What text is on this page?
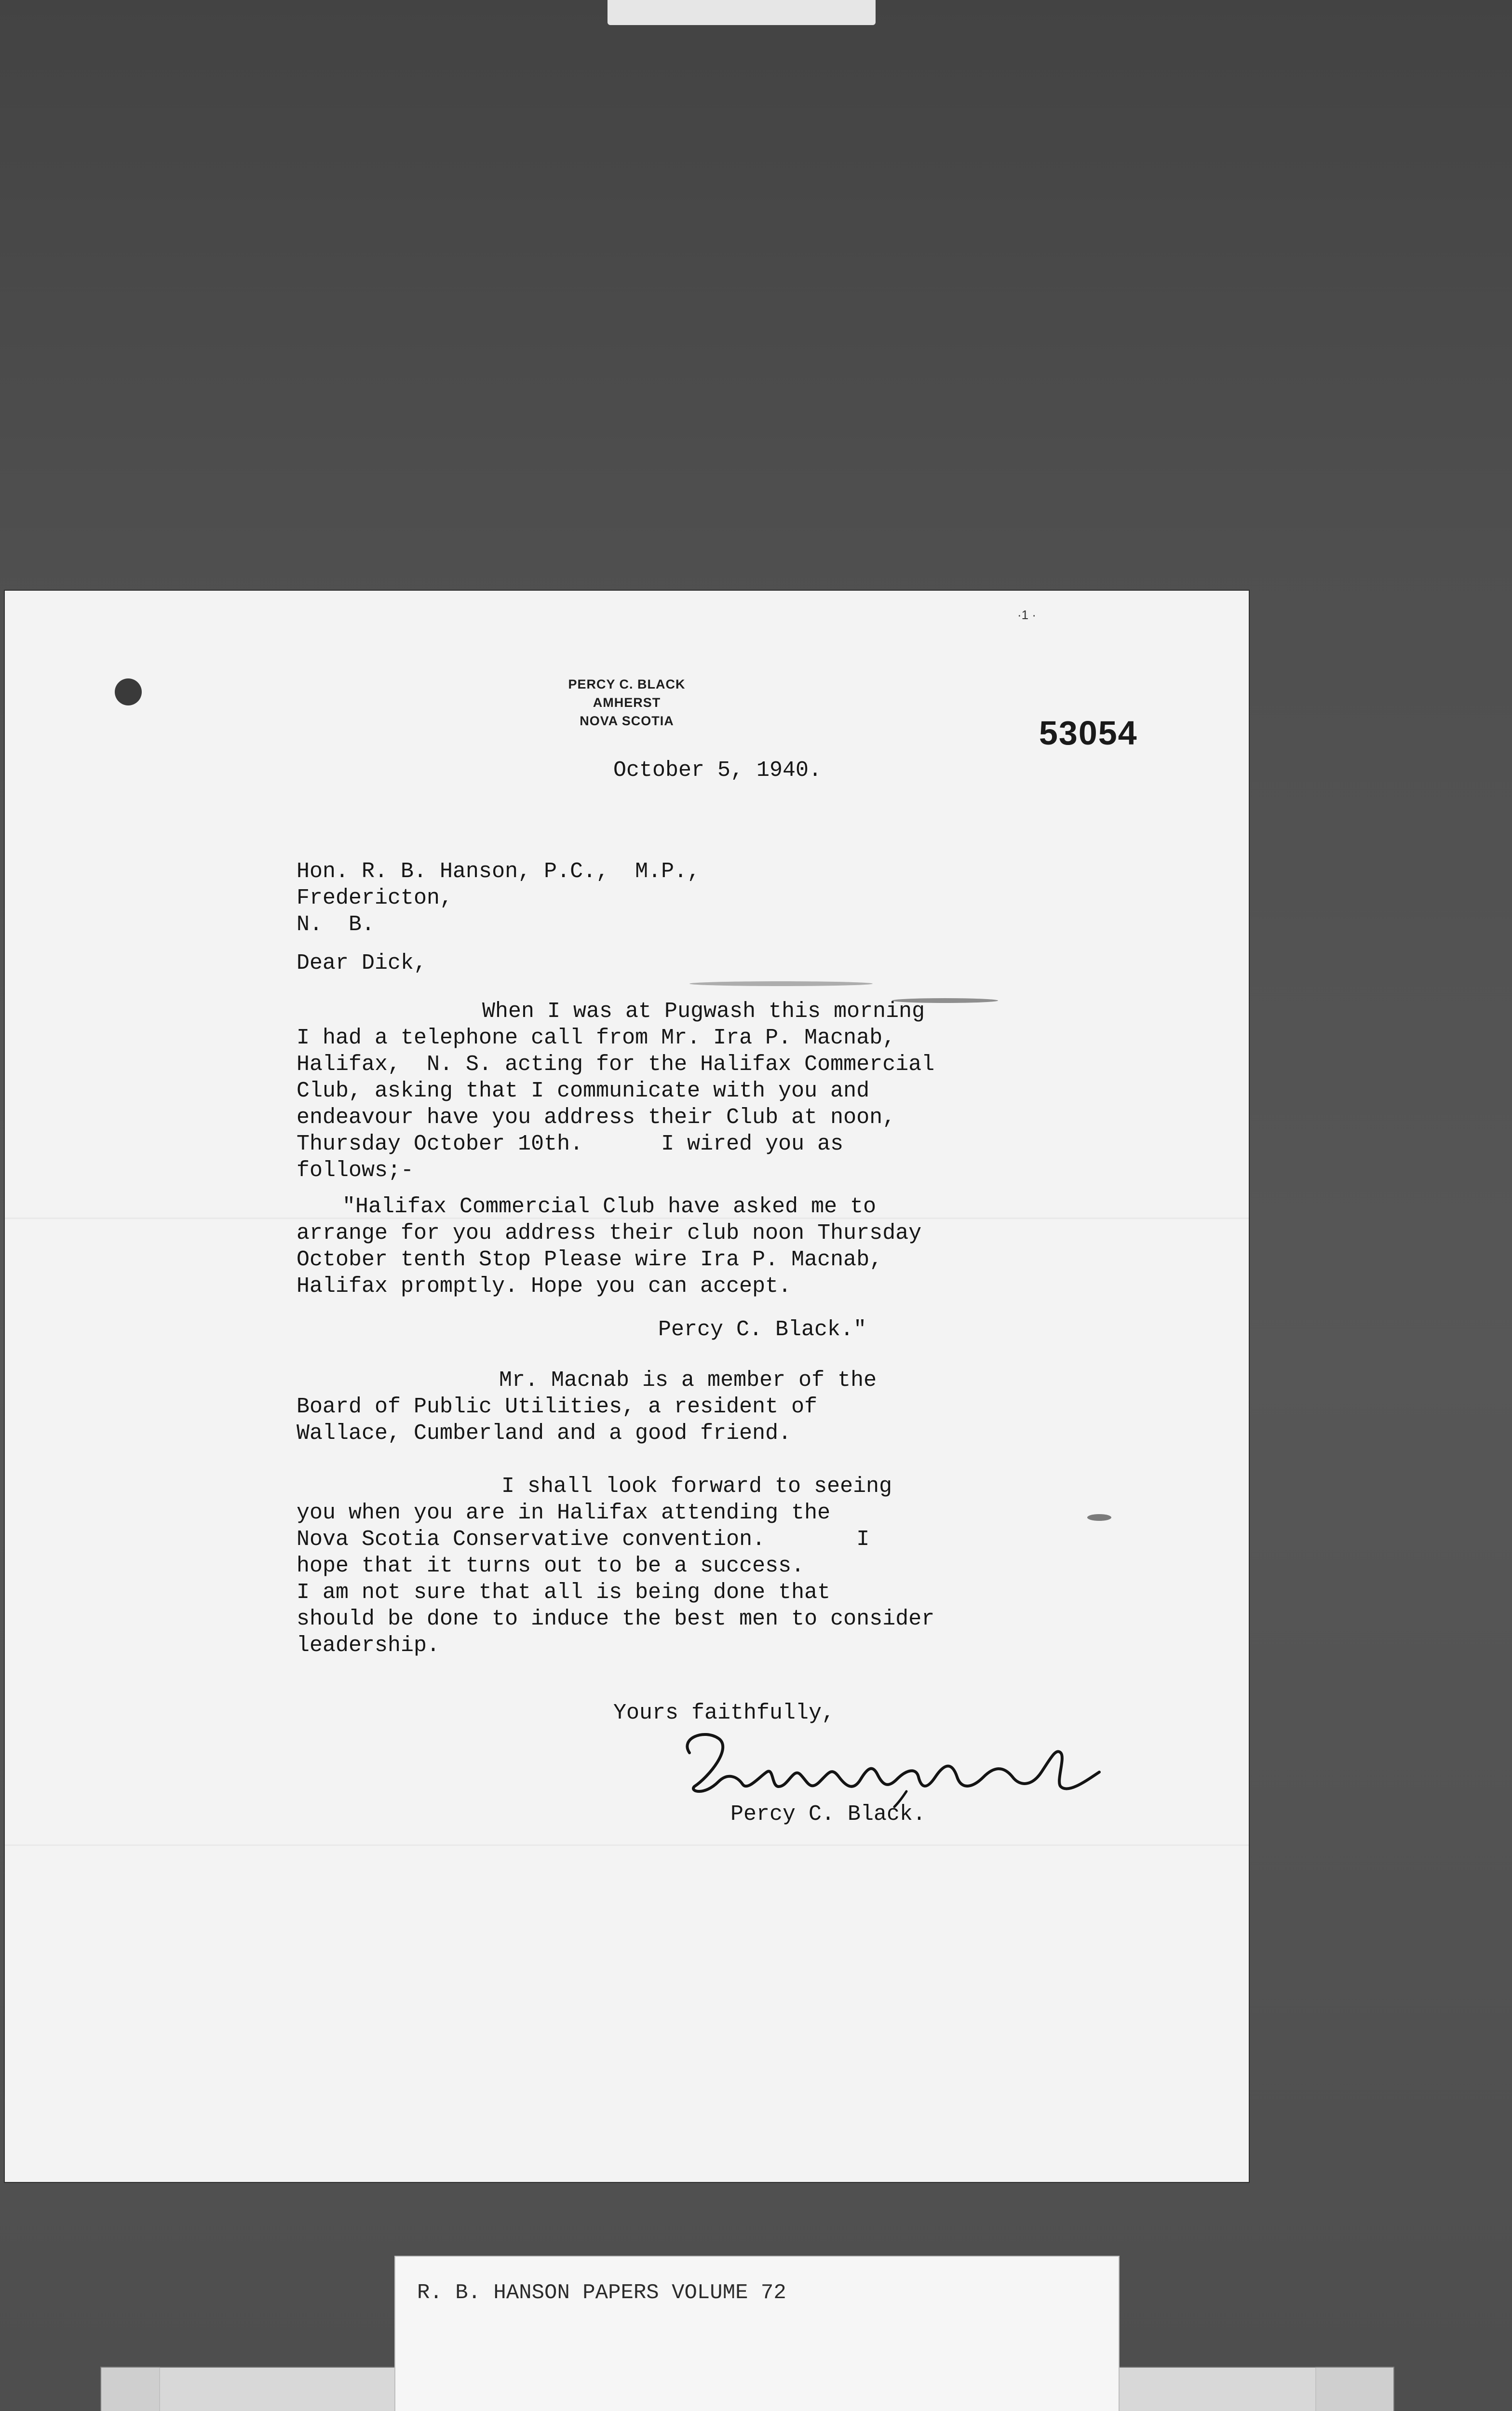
·1 ·
PERCY C. BLACK
AMHERST
NOVA SCOTIA	53054

October 5, 1940.

Hon. R. B. Hanson, P.C.,  M.P.,

Fredericton,

N.  B.

Dear Dick,

When I was at Pugwash this morning

I had a telephone call from Mr. Ira P. Macnab,

Halifax,  N. S. acting for the Halifax Commercial

Club, asking that I communicate with you and

endeavour have you address their Club at noon,

Thursday October 10th.      I wired you as

follows;-

"Halifax Commercial Club have asked me to

arrange for you address their club noon Thursday

October tenth Stop Please wire Ira P. Macnab,

Halifax promptly. Hope you can accept.

Percy C. Black."

Mr. Macnab is a member of the

Board of Public Utilities, a resident of

Wallace, Cumberland and a good friend.

I shall look forward to seeing

you when you are in Halifax attending the

Nova Scotia Conservative convention.       I

hope that it turns out to be a success.

I am not sure that all is being done that

should be done to induce the best men to consider

leadership.

Yours faithfully,

Percy C. Black.

R. B. HANSON PAPERS VOLUME 72
